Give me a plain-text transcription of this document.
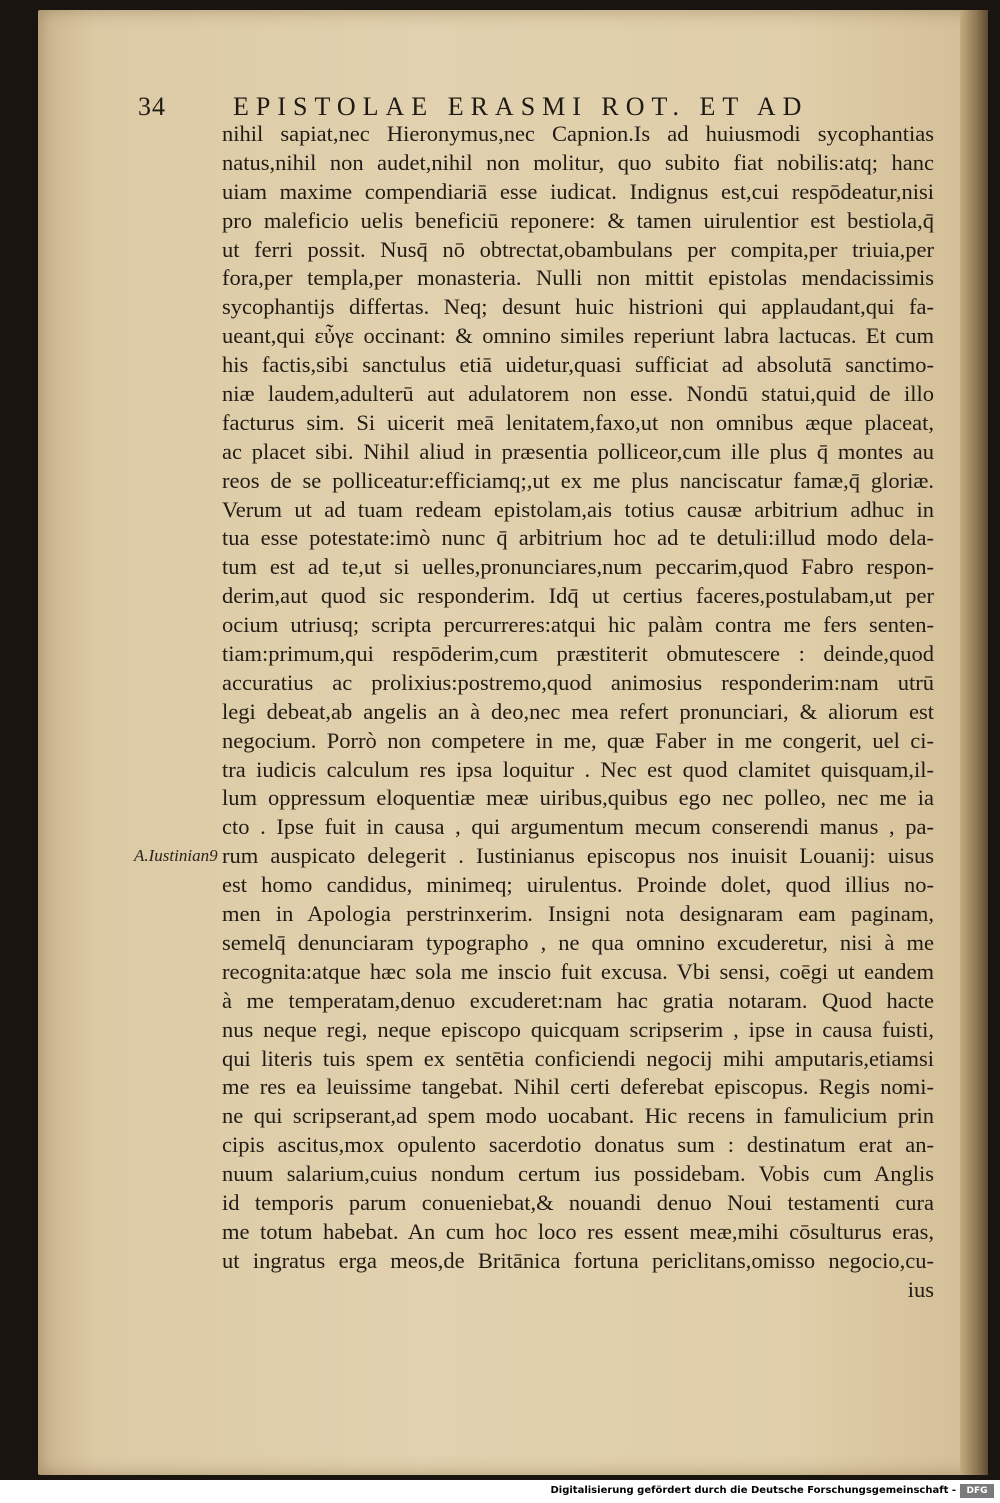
34	EPISTOLAE ERASMI ROT. ET AD
A.Iustinian9
nihil sapiat,nec Hieronymus,nec Capnion.Is ad huiusmodi sycophantias
natus,nihil non audet,nihil non molitur, quo subito fiat nobilis:atq; hanc
uiam maxime compendiariā esse iudicat. Indignus est,cui respōdeatur,nisi
pro maleficio uelis beneficiū reponere: & tamen uirulentior est bestiola,q̄
ut ferri possit. Nusq̄ nō obtrectat,obambulans per compita,per triuia,per
fora,per templa,per monasteria. Nulli non mittit epistolas mendacissimis
sycophantijs differtas. Neq; desunt huic histrioni qui applaudant,qui fa-
ueant,qui εὖγε occinant: & omnino similes reperiunt labra lactucas. Et cum
his factis,sibi sanctulus etiā uidetur,quasi sufficiat ad absolutā sanctimo-
niæ laudem,adulterū aut adulatorem non esse. Nondū statui,quid de illo
facturus sim. Si uicerit meā lenitatem,faxo,ut non omnibus æque placeat,
ac placet sibi. Nihil aliud in præsentia polliceor,cum ille plus q̄ montes au
reos de se polliceatur:efficiamq;,ut ex me plus nanciscatur famæ,q̄ gloriæ.
Verum ut ad tuam redeam epistolam,ais totius causæ arbitrium adhuc in
tua esse potestate:imò nunc q̄ arbitrium hoc ad te detuli:illud modo dela-
tum est ad te,ut si uelles,pronunciares,num peccarim,quod Fabro respon-
derim,aut quod sic responderim. Idq̄ ut certius faceres,postulabam,ut per
ocium utriusq; scripta percurreres:atqui hic palàm contra me fers senten-
tiam:primum,qui respōderim,cum præstiterit obmutescere : deinde,quod
accuratius ac prolixius:postremo,quod animosius responderim:nam utrū
legi debeat,ab angelis an à deo,nec mea refert pronunciari, & aliorum est
negocium. Porrò non competere in me, quæ Faber in me congerit, uel ci-
tra iudicis calculum res ipsa loquitur . Nec est quod clamitet quisquam,il-
lum oppressum eloquentiæ meæ uiribus,quibus ego nec polleo, nec me ia
cto . Ipse fuit in causa , qui argumentum mecum conserendi manus , pa-
rum auspicato delegerit . Iustinianus episcopus nos inuisit Louanij: uisus
est homo candidus, minimeq; uirulentus. Proinde dolet, quod illius no-
men in Apologia perstrinxerim. Insigni nota designaram eam paginam,
semelq̄ denunciaram typographo , ne qua omnino excuderetur, nisi à me
recognita:atque hæc sola me inscio fuit excusa. Vbi sensi, coēgi ut eandem
à me temperatam,denuo excuderet:nam hac gratia notaram. Quod hacte
nus neque regi, neque episcopo quicquam scripserim , ipse in causa fuisti,
qui literis tuis spem ex sentētia conficiendi negocij mihi amputaris,etiamsi
me res ea leuissime tangebat. Nihil certi deferebat episcopus. Regis nomi-
ne qui scripserant,ad spem modo uocabant. Hic recens in famulicium prin
cipis ascitus,mox opulento sacerdotio donatus sum : destinatum erat an-
nuum salarium,cuius nondum certum ius possidebam. Vobis cum Anglis
id temporis parum conueniebat,& nouandi denuo Noui testamenti cura
me totum habebat. An cum hoc loco res essent meæ,mihi cōsulturus eras,
ut ingratus erga meos,de Britānica fortuna periclitans,omisso negocio,cu-
ius
Digitalisierung gefördert durch die Deutsche Forschungsgemeinschaft -	DFG
